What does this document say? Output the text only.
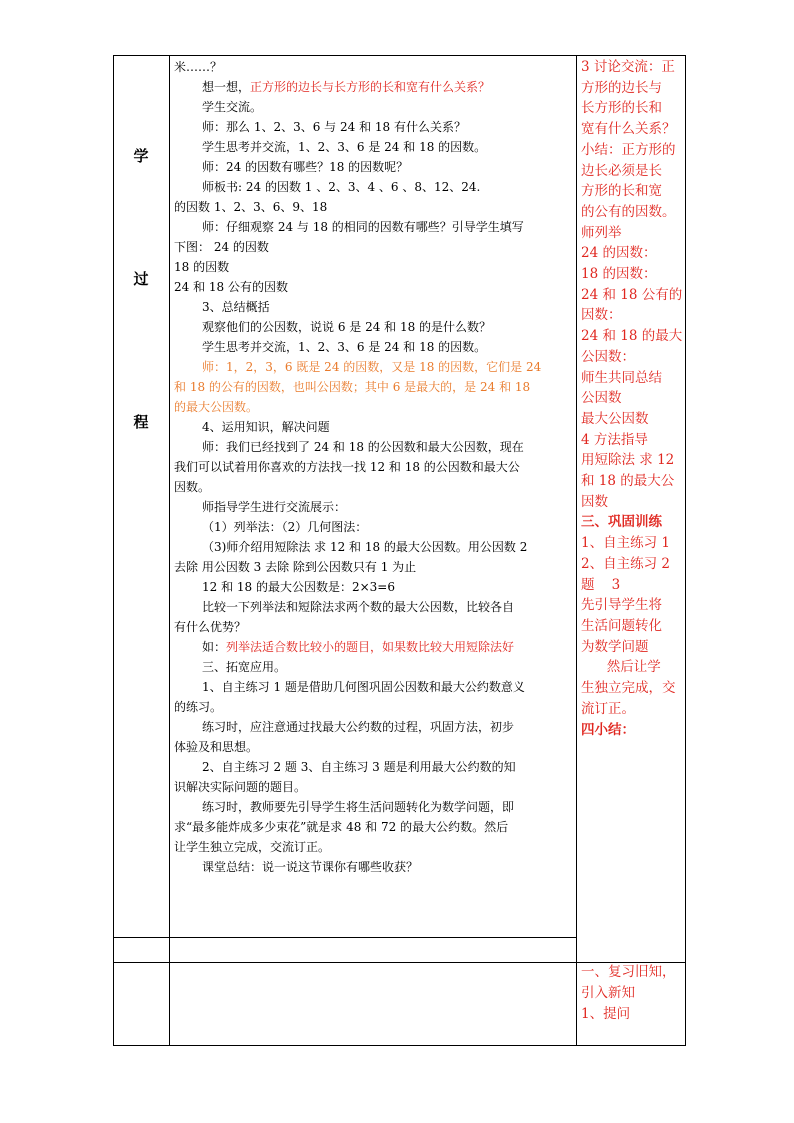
学
过
程

米……？

想一想，正方形的边长与长方形的长和宽有什么关系？

学生交流。

师：那么 1、2、3、6 与 24 和 18 有什么关系？

学生思考并交流，1、2、3、6 是 24 和 18 的因数。

师：24 的因数有哪些？18 的因数呢？

师板书: 24 的因数 1 、2、3、4 、6 、8、12、24.

的因数 1、2、3、6、9、18

师：仔细观察 24 与 18 的相同的因数有哪些？引导学生填写

下图： 24 的因数

18 的因数

24 和 18 公有的因数

3、总结概括

观察他们的公因数，说说 6 是 24 和 18 的是什么数？

学生思考并交流，1、2、3、6 是 24 和 18 的因数。

师：1，2，3，6 既是 24 的因数，又是 18 的因数，它们是 24

和 18 的公有的因数，也叫公因数；其中 6 是最大的，是 24 和 18

的最大公因数。

4、运用知识，解决问题

师：我们已经找到了 24 和 18 的公因数和最大公因数，现在

我们可以试着用你喜欢的方法找一找 12 和 18 的公因数和最大公

因数。

师指导学生进行交流展示：

（1）列举法：（2）几何图法：

（3)师介绍用短除法 求 12 和 18 的最大公因数。用公因数 2

去除 用公因数 3 去除 除到公因数只有 1 为止

12 和 18 的最大公因数是：2×3=6

比较一下列举法和短除法求两个数的最大公因数，比较各自

有什么优势？

如：列举法适合数比较小的题目，如果数比较大用短除法好

三、拓宽应用。

1、自主练习 1 题是借助几何图巩固公因数和最大公约数意义

的练习。

练习时，应注意通过找最大公约数的过程，巩固方法，初步

体验及和思想。

2、自主练习 2 题 3、自主练习 3 题是利用最大公约数的知

识解决实际问题的题目。

练习时，教师要先引导学生将生活问题转化为数学问题，即

求“最多能炸成多少束花”就是求 48 和 72 的最大公约数。然后

让学生独立完成，交流订正。

课堂总结：说一说这节课你有哪些收获？

3 讨论交流：正

方形的边长与

长方形的长和

宽有什么关系？

小结：正方形的

边长必须是长

方形的长和宽

的公有的因数。

师列举

24 的因数：

18 的因数：

24 和 18 公有的

因数：

24 和 18 的最大

公因数：

师生共同总结

公因数

最大公因数

4 方法指导

用短除法 求 12

和 18 的最大公

因数

三、巩固训练

1、自主练习 1

2、自主练习 2

题    3

先引导学生将

生活问题转化

为数学问题

然后让学

生独立完成，交

流订正。

四小结：

一、复习旧知，

引入新知

1、提问
